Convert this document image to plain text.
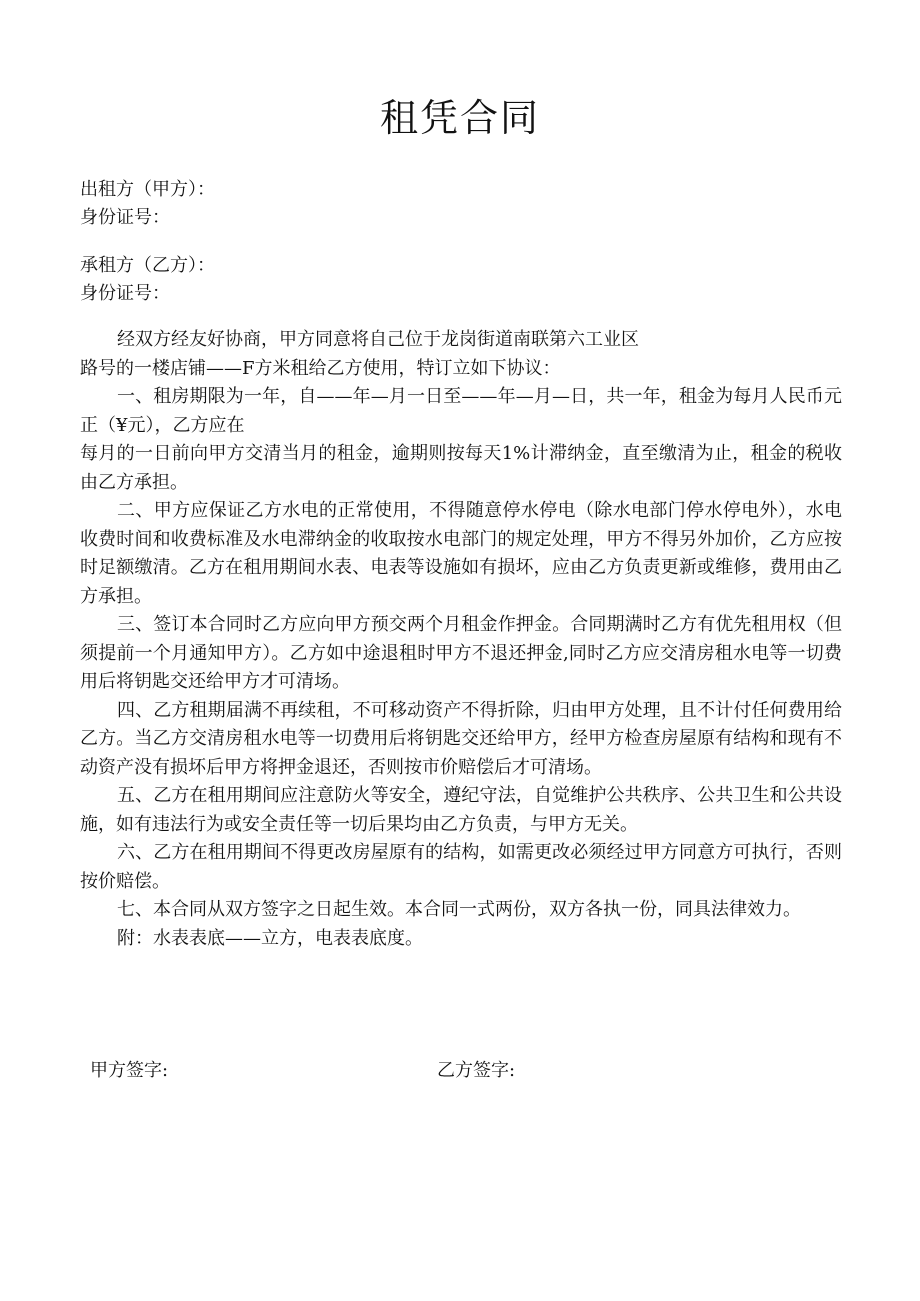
租凭合同
出租方（甲方）：
身份证号：
承租方（乙方）：
身份证号：

经双方经友好协商，甲方同意将自己位于龙岗街道南联第六工业区

路号的一楼店铺——F方米租给乙方使用，特订立如下协议：

一、租房期限为一年，自——年—月一日至——年—月—日，共一年，租金为每月人民币元正（¥元），乙方应在

每月的一日前向甲方交清当月的租金，逾期则按每天1%计滞纳金，直至缴清为止，租金的税收由乙方承担。

二、甲方应保证乙方水电的正常使用，不得随意停水停电（除水电部门停水停电外），水电收费时间和收费标准及水电滞纳金的收取按水电部门的规定处理，甲方不得另外加价，乙方应按时足额缴清。乙方在租用期间水表、电表等设施如有损坏，应由乙方负责更新或维修，费用由乙方承担。

三、签订本合同时乙方应向甲方预交两个月租金作押金。合同期满时乙方有优先租用权（但须提前一个月通知甲方）。乙方如中途退租时甲方不退还押金,同时乙方应交清房租水电等一切费用后将钥匙交还给甲方才可清场。

四、乙方租期届满不再续租，不可移动资产不得折除，归由甲方处理，且不计付任何费用给乙方。当乙方交清房租水电等一切费用后将钥匙交还给甲方，经甲方检查房屋原有结构和现有不动资产没有损坏后甲方将押金退还，否则按市价赔偿后才可清场。

五、乙方在租用期间应注意防火等安全，遵纪守法，自觉维护公共秩序、公共卫生和公共设施，如有违法行为或安全责任等一切后果均由乙方负责，与甲方无关。

六、乙方在租用期间不得更改房屋原有的结构，如需更改必须经过甲方同意方可执行，否则按价赔偿。

七、本合同从双方签字之日起生效。本合同一式两份，双方各执一份，同具法律效力。

附：水表表底——立方，电表表底度。

甲方签字:	乙方签字:
